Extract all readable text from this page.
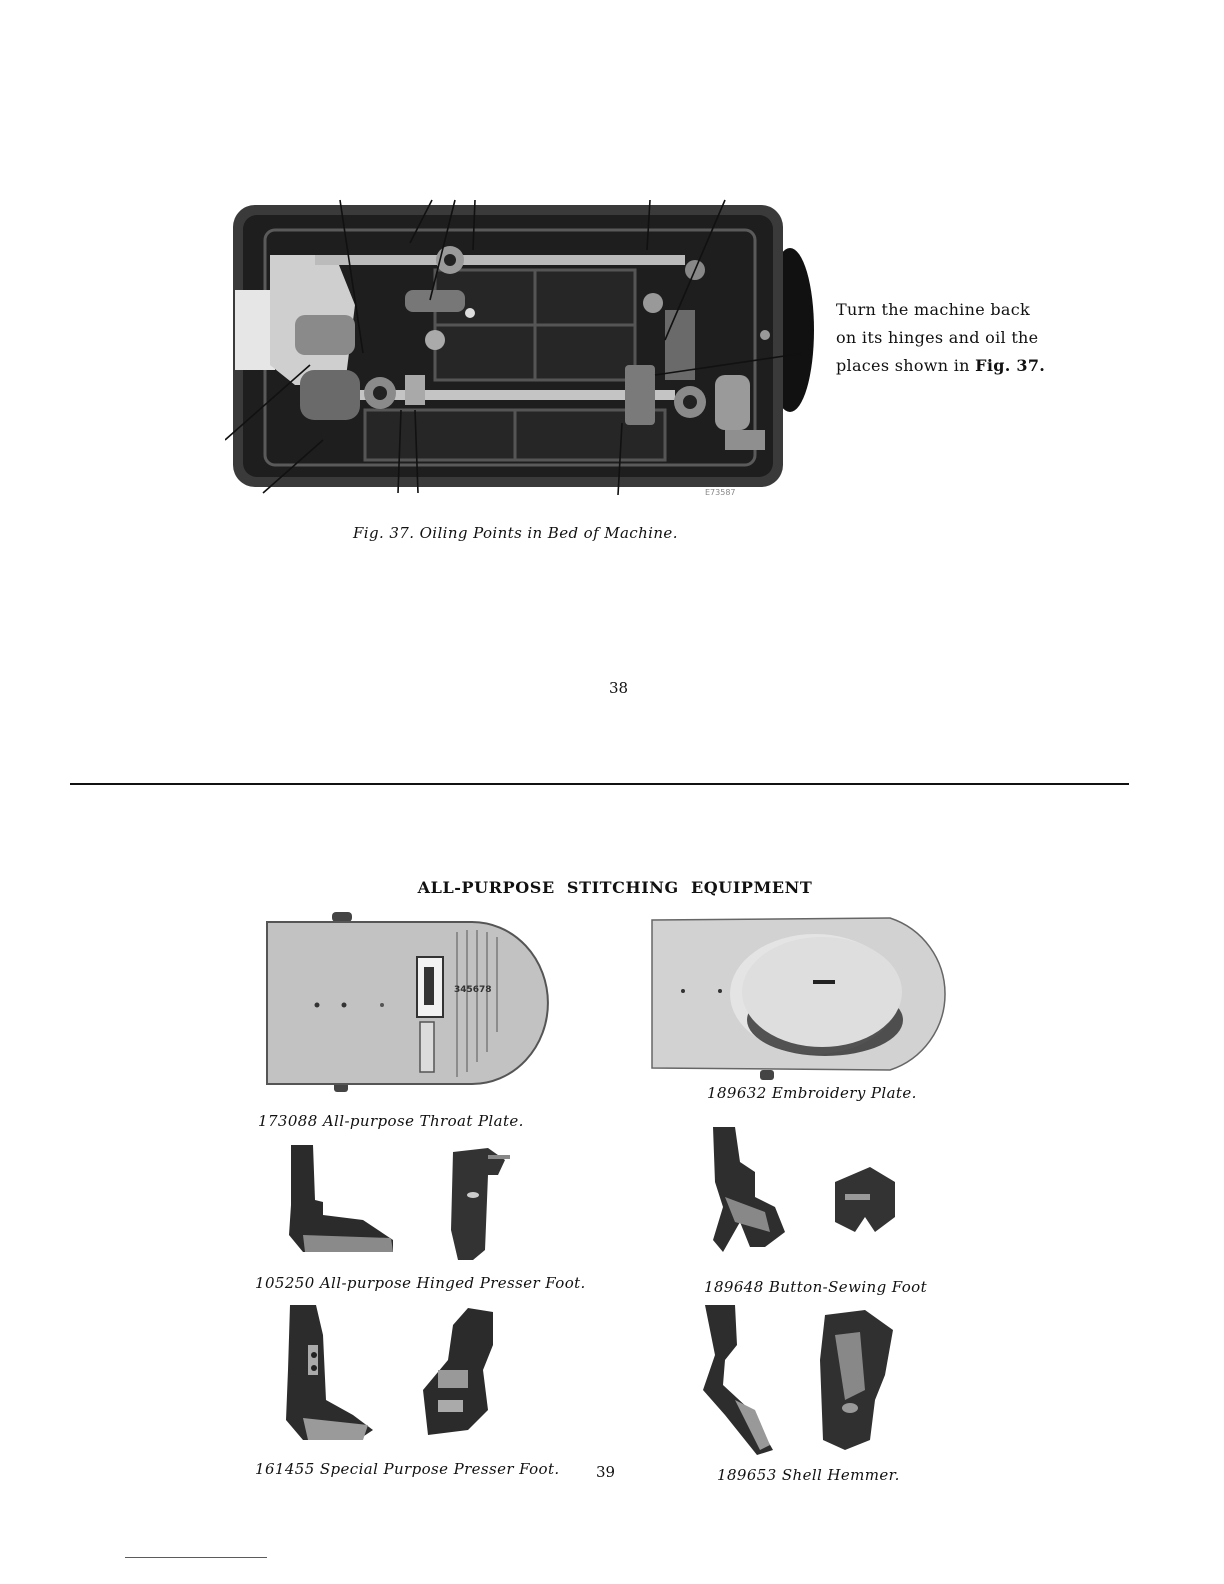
E73587

Turn the machine back

on its hinges and oil the

places shown in Fig. 37.

Fig. 37. Oiling Points in Bed of Machine.
38
ALL-PURPOSE STITCHING EQUIPMENT
345678
173088 All-purpose Throat Plate.
189632 Embroidery Plate.
105250 All-purpose Hinged Presser Foot.	189648 Button-Sewing Foot
161455 Special Purpose Presser Foot.	189653 Shell Hemmer.
39
